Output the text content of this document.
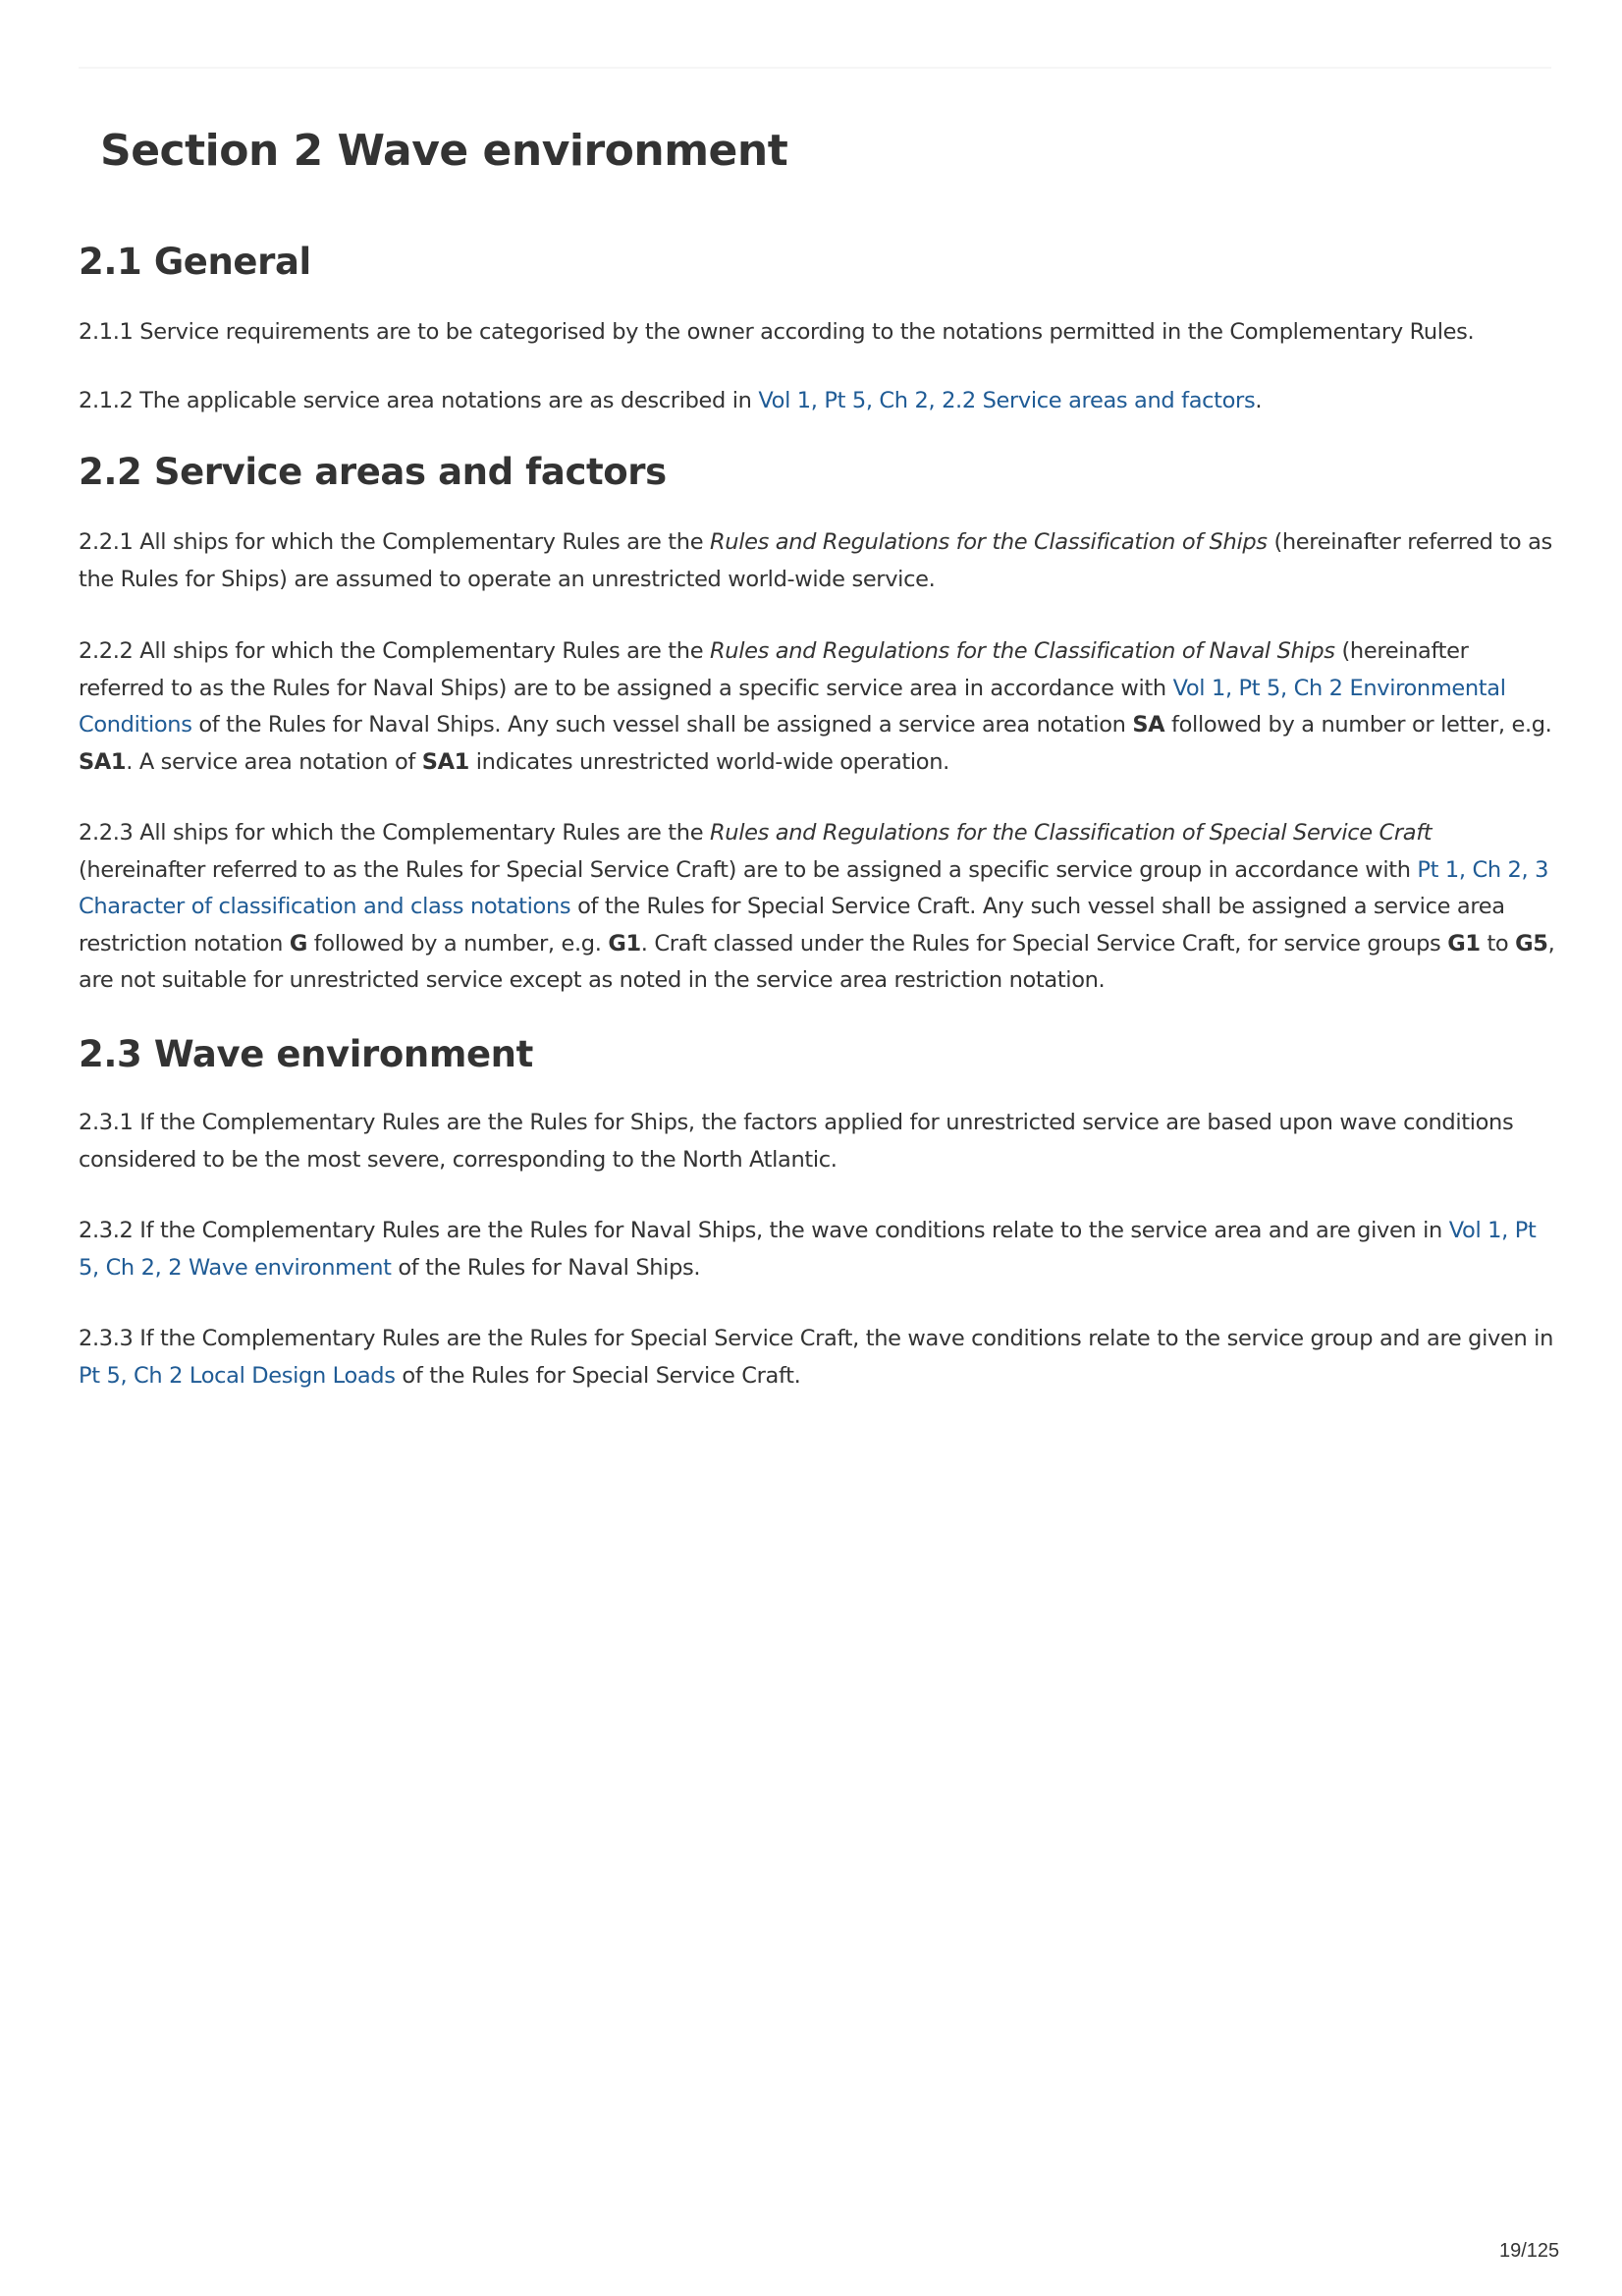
Section 2 Wave environment
2.1 General

2.1.1 Service requirements are to be categorised by the owner according to the notations permitted in the Complementary Rules.

2.1.2 The applicable service area notations are as described in Vol 1, Pt 5, Ch 2, 2.2 Service areas and factors.

2.2 Service areas and factors

2.2.1 All ships for which the Complementary Rules are the Rules and Regulations for the Classification of Ships (hereinafter referred to as the Rules for Ships) are assumed to operate an unrestricted world-wide service.

2.2.2 All ships for which the Complementary Rules are the Rules and Regulations for the Classification of Naval Ships (hereinafter referred to as the Rules for Naval Ships) are to be assigned a specific service area in accordance with Vol 1, Pt 5, Ch 2 Environmental Conditions of the Rules for Naval Ships. Any such vessel shall be assigned a service area notation SA followed by a number or letter, e.g. SA1. A service area notation of SA1 indicates unrestricted world-wide operation.

2.2.3 All ships for which the Complementary Rules are the Rules and Regulations for the Classification of Special Service Craft (hereinafter referred to as the Rules for Special Service Craft) are to be assigned a specific service group in accordance with Pt 1, Ch 2, 3 Character of classification and class notations of the Rules for Special Service Craft. Any such vessel shall be assigned a service area restriction notation G followed by a number, e.g. G1. Craft classed under the Rules for Special Service Craft, for service groups G1 to G5, are not suitable for unrestricted service except as noted in the service area restriction notation.

2.3 Wave environment

2.3.1 If the Complementary Rules are the Rules for Ships, the factors applied for unrestricted service are based upon wave conditions considered to be the most severe, corresponding to the North Atlantic.

2.3.2 If the Complementary Rules are the Rules for Naval Ships, the wave conditions relate to the service area and are given in Vol 1, Pt 5, Ch 2, 2 Wave environment of the Rules for Naval Ships.

2.3.3 If the Complementary Rules are the Rules for Special Service Craft, the wave conditions relate to the service group and are given in Pt 5, Ch 2 Local Design Loads of the Rules for Special Service Craft.

19/125
